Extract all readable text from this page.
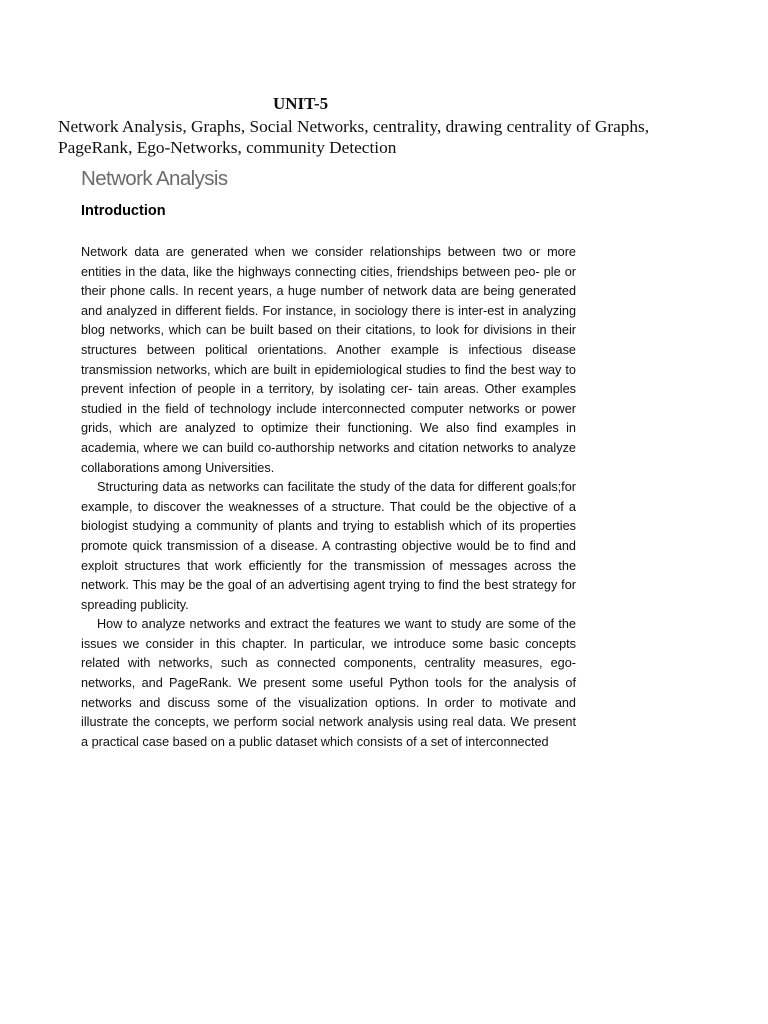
UNIT-5

Network Analysis, Graphs, Social Networks, centrality, drawing centrality of Graphs, PageRank, Ego-Networks, community Detection

Network Analysis
Introduction

Network data are generated when we consider relationships between two or more entities in the data, like the highways connecting cities, friendships between peo- ple or their phone calls. In recent years, a huge number of network data are being generated and analyzed in different fields. For instance, in sociology there is inter-est in analyzing blog networks, which can be built based on their citations, to look for divisions in their structures between political orientations. Another example is infectious disease transmission networks, which are built in epidemiological studies to find the best way to prevent infection of people in a territory, by isolating cer- tain areas. Other examples studied in the field of technology include interconnected computer networks or power grids, which are analyzed to optimize their functioning. We also find examples in academia, where we can build co-authorship networks and citation networks to analyze collaborations among Universities.

Structuring data as networks can facilitate the study of the data for different goals;for example, to discover the weaknesses of a structure. That could be the objective of a biologist studying a community of plants and trying to establish which of its properties promote quick transmission of a disease. A contrasting objective would be to find and exploit structures that work efficiently for the transmission of messages across the network. This may be the goal of an advertising agent trying to find the best strategy for spreading publicity.

How to analyze networks and extract the features we want to study are some of the issues we consider in this chapter. In particular, we introduce some basic concepts related with networks, such as connected components, centrality measures, ego-networks, and PageRank. We present some useful Python tools for the analysis of networks and discuss some of the visualization options. In order to motivate and illustrate the concepts, we perform social network analysis using real data. We present a practical case based on a public dataset which consists of a set of interconnected
